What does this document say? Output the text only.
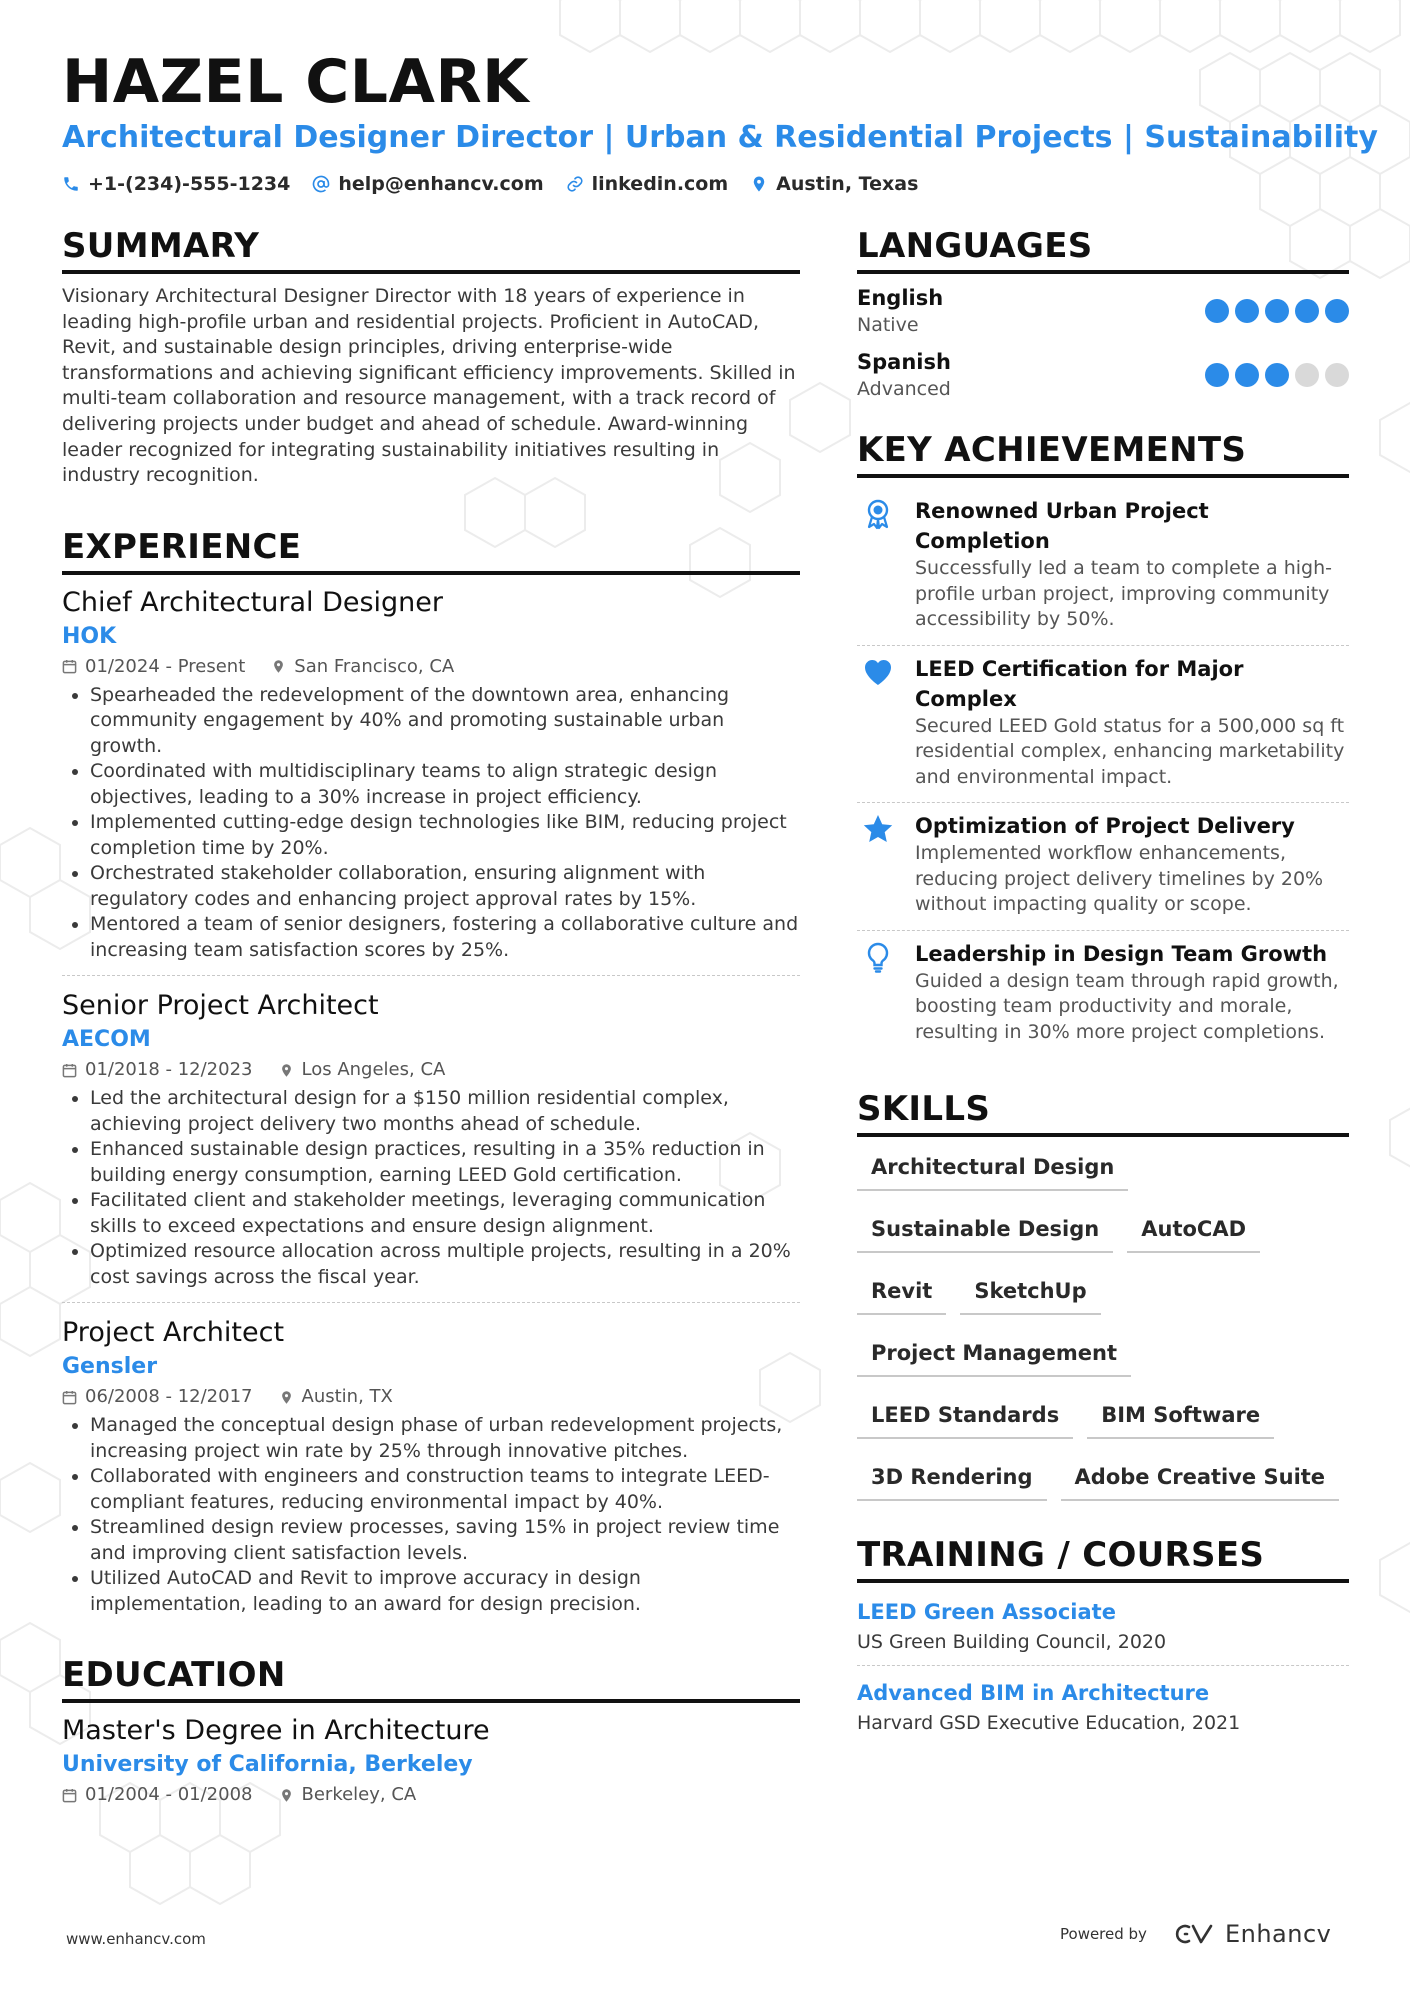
HAZEL CLARK
Architectural Designer Director | Urban & Residential Projects | Sustainability
+1-(234)-555-1234	help@enhancv.com	linkedin.com	Austin, Texas
SUMMARY

Visionary Architectural Designer Director with 18 years of experience in leading high-profile urban and residential projects. Proficient in AutoCAD, Revit, and sustainable design principles, driving enterprise-wide transformations and achieving significant efficiency improvements. Skilled in multi-team collaboration and resource management, with a track record of delivering projects under budget and ahead of schedule. Award-winning leader recognized for integrating sustainability initiatives resulting in industry recognition.

EXPERIENCE
Chief Architectural Designer
HOK
01/2024 - Present	San Francisco, CA
• Spearheaded the redevelopment of the downtown area, enhancing community engagement by 40% and promoting sustainable urban growth.
• Coordinated with multidisciplinary teams to align strategic design objectives, leading to a 30% increase in project efficiency.
• Implemented cutting-edge design technologies like BIM, reducing project completion time by 20%.
• Orchestrated stakeholder collaboration, ensuring alignment with regulatory codes and enhancing project approval rates by 15%.
• Mentored a team of senior designers, fostering a collaborative culture and increasing team satisfaction scores by 25%.
Senior Project Architect
AECOM
01/2018 - 12/2023	Los Angeles, CA
• Led the architectural design for a $150 million residential complex, achieving project delivery two months ahead of schedule.
• Enhanced sustainable design practices, resulting in a 35% reduction in building energy consumption, earning LEED Gold certification.
• Facilitated client and stakeholder meetings, leveraging communication skills to exceed expectations and ensure design alignment.
• Optimized resource allocation across multiple projects, resulting in a 20% cost savings across the fiscal year.
Project Architect
Gensler
06/2008 - 12/2017	Austin, TX
• Managed the conceptual design phase of urban redevelopment projects, increasing project win rate by 25% through innovative pitches.
• Collaborated with engineers and construction teams to integrate LEED-compliant features, reducing environmental impact by 40%.
• Streamlined design review processes, saving 15% in project review time and improving client satisfaction levels.
• Utilized AutoCAD and Revit to improve accuracy in design implementation, leading to an award for design precision.
EDUCATION
Master's Degree in Architecture
University of California, Berkeley
01/2004 - 01/2008	Berkeley, CA
LANGUAGES
English
Native
Spanish
Advanced
KEY ACHIEVEMENTS
Renowned Urban Project Completion
Successfully led a team to complete a high-profile urban project, improving community accessibility by 50%.
LEED Certification for Major Complex
Secured LEED Gold status for a 500,000 sq ft residential complex, enhancing marketability and environmental impact.
Optimization of Project Delivery
Implemented workflow enhancements, reducing project delivery timelines by 20% without impacting quality or scope.
Leadership in Design Team Growth
Guided a design team through rapid growth, boosting team productivity and morale, resulting in 30% more project completions.
SKILLS
Architectural Design
Sustainable Design	AutoCAD
Revit	SketchUp
Project Management
LEED Standards	BIM Software
3D Rendering	Adobe Creative Suite
TRAINING / COURSES
LEED Green Associate
US Green Building Council, 2020
Advanced BIM in Architecture
Harvard GSD Executive Education, 2021
www.enhancv.com	Powered by	Enhancv
